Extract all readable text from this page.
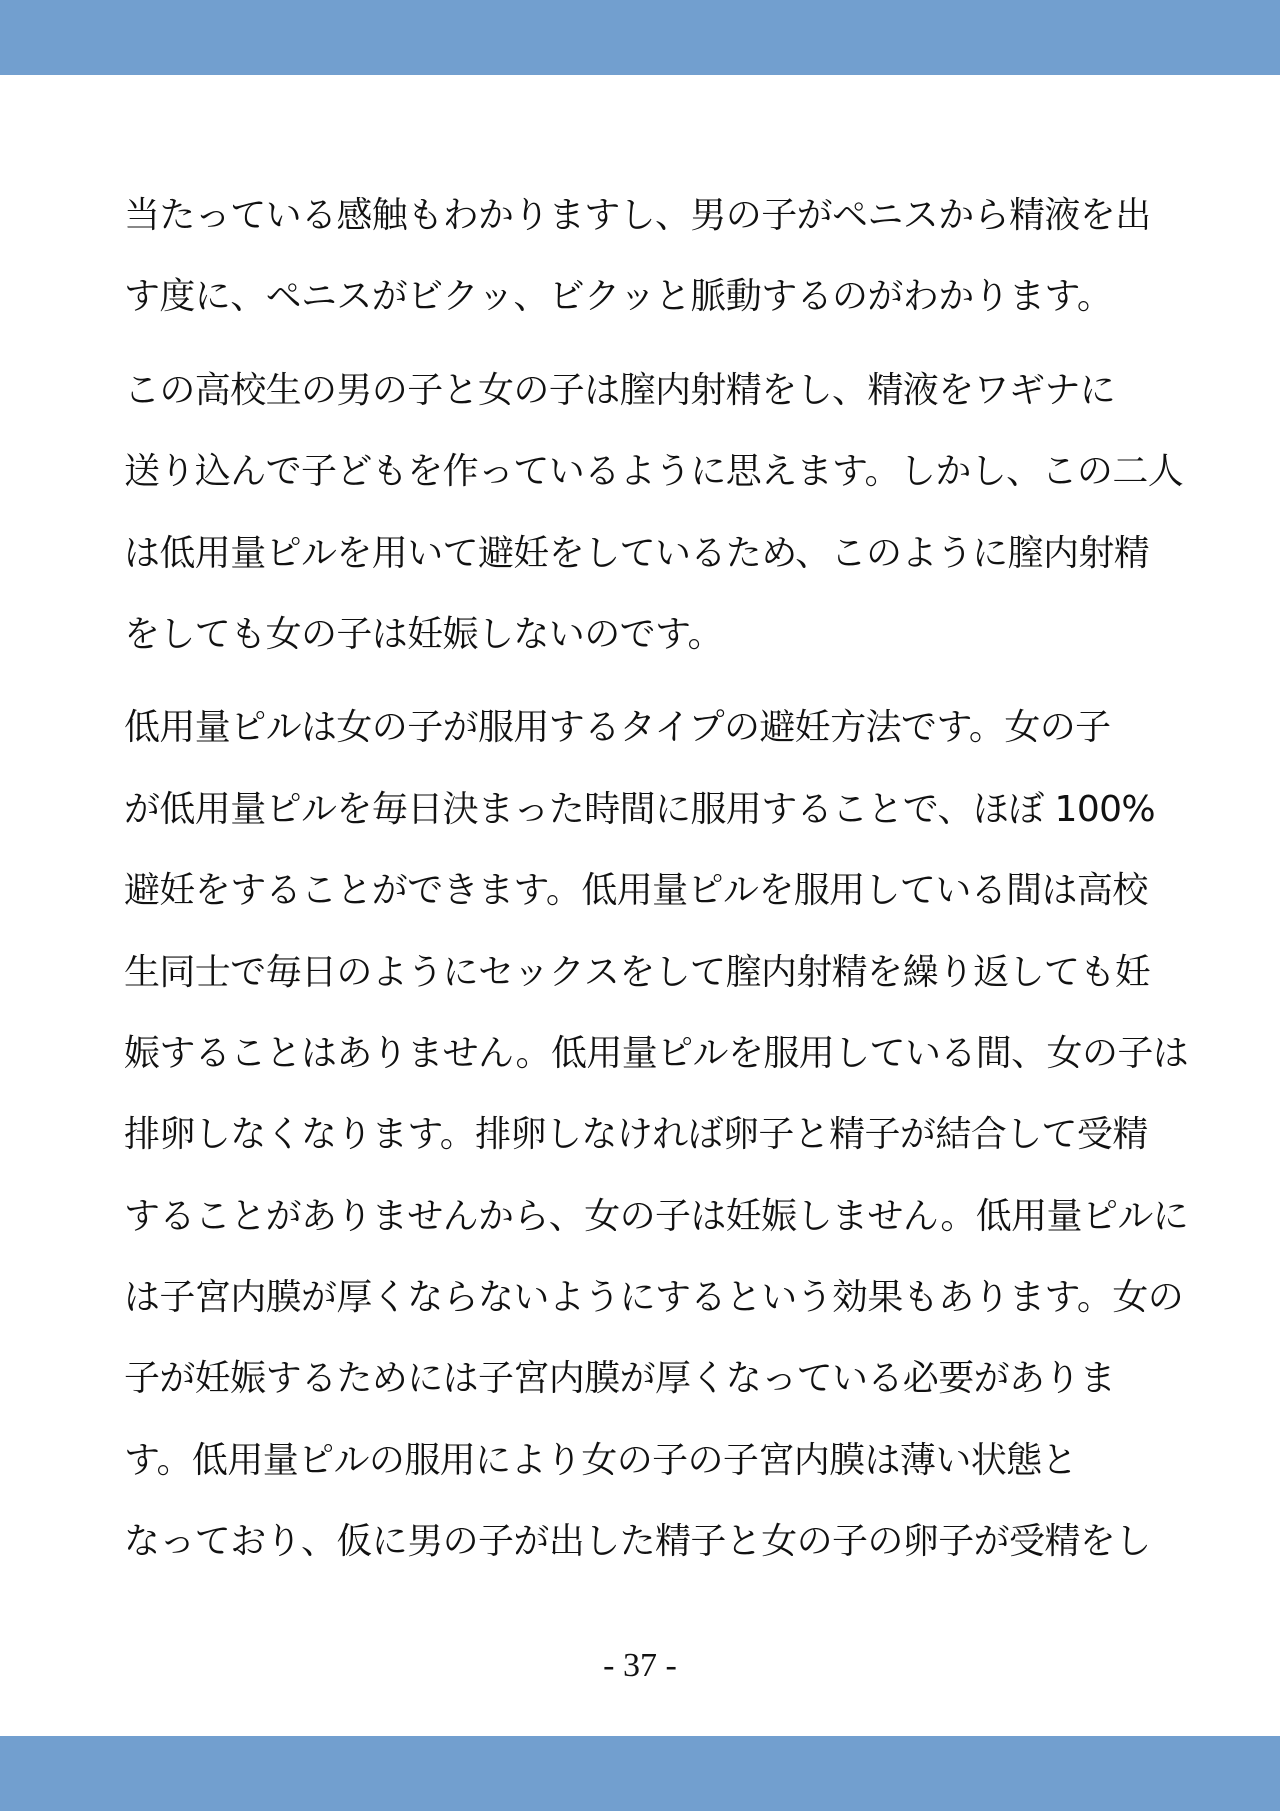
当たっている感触もわかりますし、男の子がペニスから精液を出
す度に、ペニスがビクッ、ビクッと脈動するのがわかります。
この高校生の男の子と女の子は膣内射精をし、精液をワギナに
送り込んで子どもを作っているように思えます。しかし、この二人
は低用量ピルを用いて避妊をしているため、このように膣内射精
をしても女の子は妊娠しないのです。
低用量ピルは女の子が服用するタイプの避妊方法です。女の子
が低用量ピルを毎日決まった時間に服用することで、ほぼ 100%
避妊をすることができます。低用量ピルを服用している間は高校
生同士で毎日のようにセックスをして膣内射精を繰り返しても妊
娠することはありません。低用量ピルを服用している間、女の子は
排卵しなくなります。排卵しなければ卵子と精子が結合して受精
することがありませんから、女の子は妊娠しません。低用量ピルに
は子宮内膜が厚くならないようにするという効果もあります。女の
子が妊娠するためには子宮内膜が厚くなっている必要がありま
す。低用量ピルの服用により女の子の子宮内膜は薄い状態と
なっており、仮に男の子が出した精子と女の子の卵子が受精をし
- 37 -
